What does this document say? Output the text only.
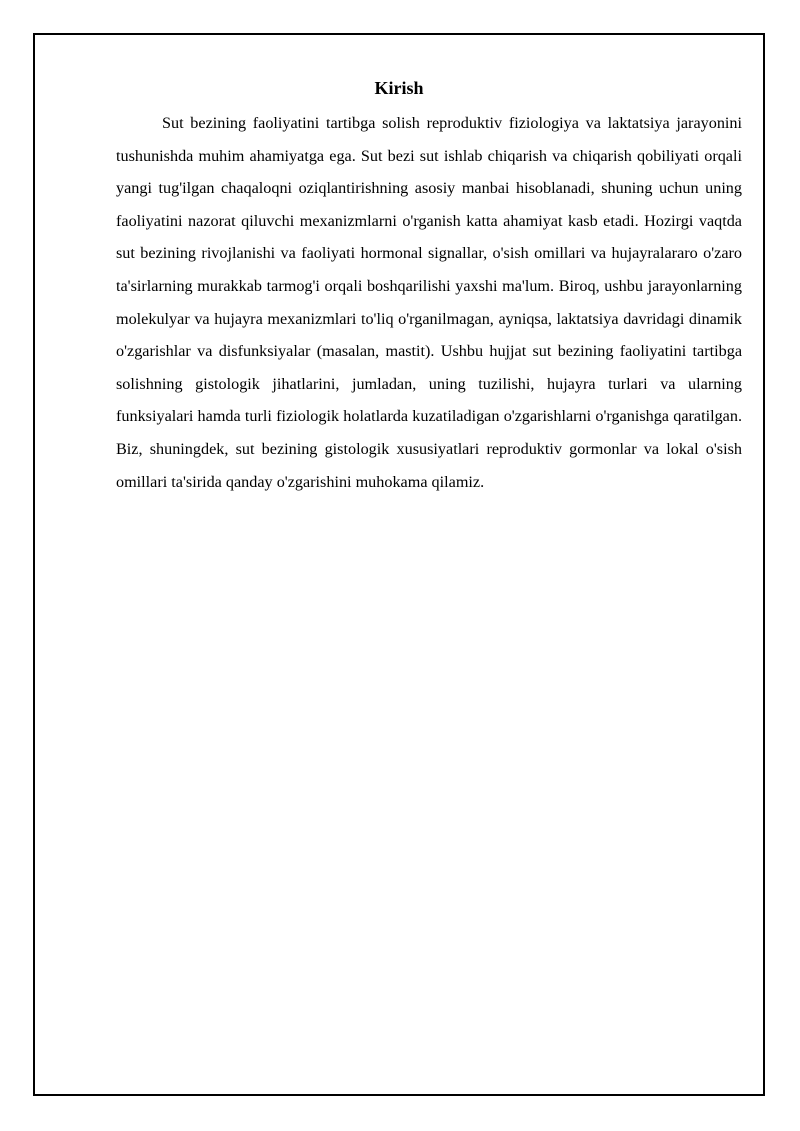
Kirish

Sut bezining faoliyatini tartibga solish reproduktiv fiziologiya va laktatsiya jarayonini tushunishda muhim ahamiyatga ega. Sut bezi sut ishlab chiqarish va chiqarish qobiliyati orqali yangi tug'ilgan chaqaloqni oziqlantirishning asosiy manbai hisoblanadi, shuning uchun uning faoliyatini nazorat qiluvchi mexanizmlarni o'rganish katta ahamiyat kasb etadi. Hozirgi vaqtda sut bezining rivojlanishi va faoliyati hormonal signallar, o'sish omillari va hujayralararo o'zaro ta'sirlarning murakkab tarmog'i orqali boshqarilishi yaxshi ma'lum. Biroq, ushbu jarayonlarning molekulyar va hujayra mexanizmlari to'liq o'rganilmagan, ayniqsa, laktatsiya davridagi dinamik o'zgarishlar va disfunksiyalar (masalan, mastit). Ushbu hujjat sut bezining faoliyatini tartibga solishning gistologik jihatlarini, jumladan, uning tuzilishi, hujayra turlari va ularning funksiyalari hamda turli fiziologik holatlarda kuzatiladigan o'zgarishlarni o'rganishga qaratilgan. Biz, shuningdek, sut bezining gistologik xususiyatlari reproduktiv gormonlar va lokal o'sish omillari ta'sirida qanday o'zgarishini muhokama qilamiz.
